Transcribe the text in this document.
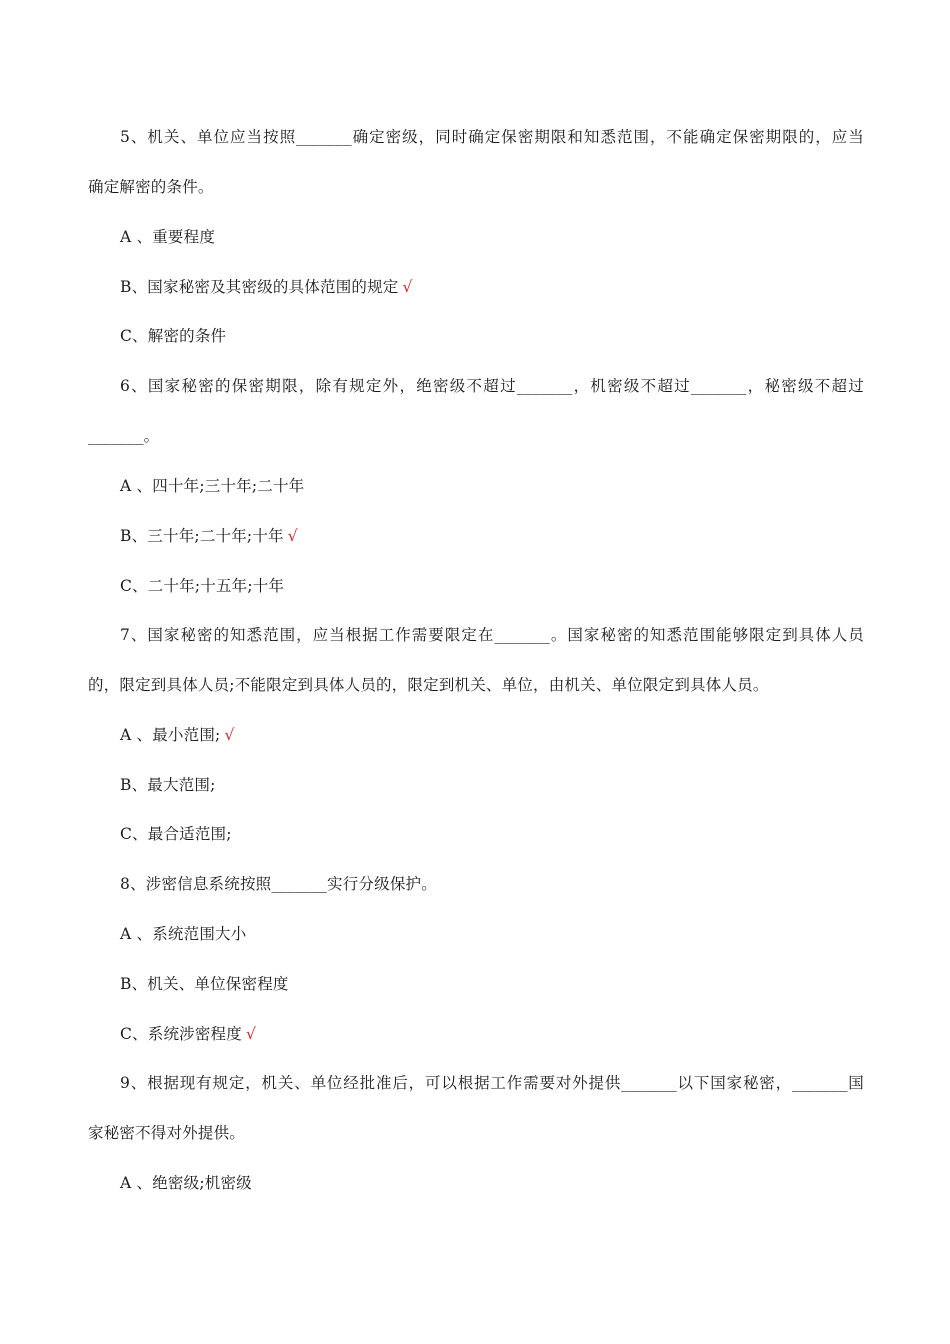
5、机关、单位应当按照_______确定密级，同时确定保密期限和知悉范围，不能确定保密期限的，应当
确定解密的条件。
A 、重要程度
B、国家秘密及其密级的具体范围的规定 √
C、解密的条件
6、国家秘密的保密期限，除有规定外，绝密级不超过_______，机密级不超过_______，秘密级不超过
_______。
A 、四十年;三十年;二十年
B、三十年;二十年;十年 √
C、二十年;十五年;十年
7、国家秘密的知悉范围，应当根据工作需要限定在_______。国家秘密的知悉范围能够限定到具体人员
的，限定到具体人员;不能限定到具体人员的，限定到机关、单位，由机关、单位限定到具体人员。
A 、最小范围; √
B、最大范围;
C、最合适范围;
8、涉密信息系统按照_______实行分级保护。
A 、系统范围大小
B、机关、单位保密程度
C、系统涉密程度 √
9、根据现有规定，机关、单位经批准后，可以根据工作需要对外提供_______以下国家秘密，_______国
家秘密不得对外提供。
A 、绝密级;机密级
